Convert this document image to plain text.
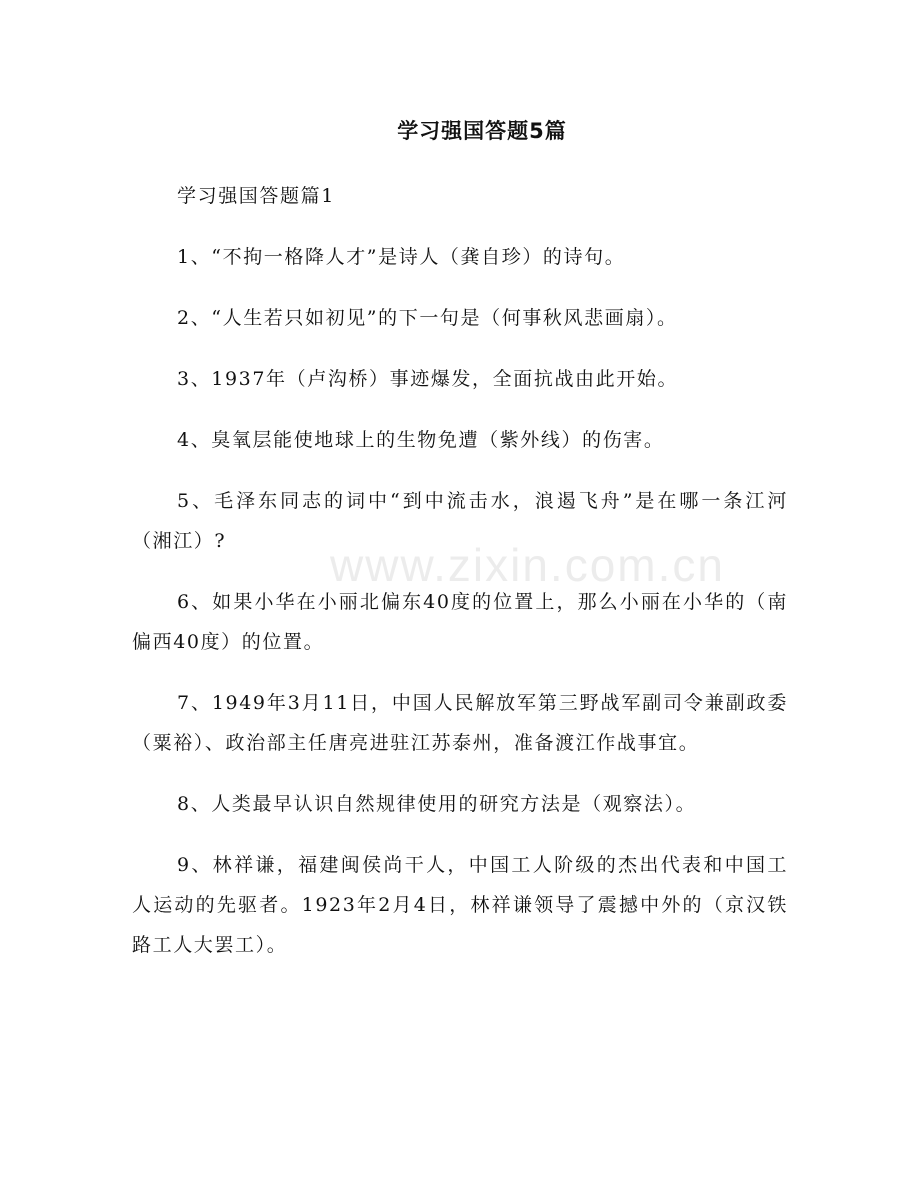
学习强国答题5篇

学习强国答题篇1

1、“不拘一格降人才”是诗人（龚自珍）的诗句。

2、“人生若只如初见”的下一句是（何事秋风悲画扇）。

3、1937年（卢沟桥）事迹爆发，全面抗战由此开始。

4、臭氧层能使地球上的生物免遭（紫外线）的伤害。

5、毛泽东同志的词中“到中流击水，浪遏飞舟”是在哪一条江河（湘江）?

6、如果小华在小丽北偏东40度的位置上，那么小丽在小华的（南偏西40度）的位置。

7、1949年3月11日，中国人民解放军第三野战军副司令兼副政委（粟裕）、政治部主任唐亮进驻江苏泰州，准备渡江作战事宜。

8、人类最早认识自然规律使用的研究方法是（观察法）。

9、林祥谦，福建闽侯尚干人，中国工人阶级的杰出代表和中国工人运动的先驱者。1923年2月4日，林祥谦领导了震撼中外的（京汉铁路工人大罢工）。

www.zixin.com.cn
